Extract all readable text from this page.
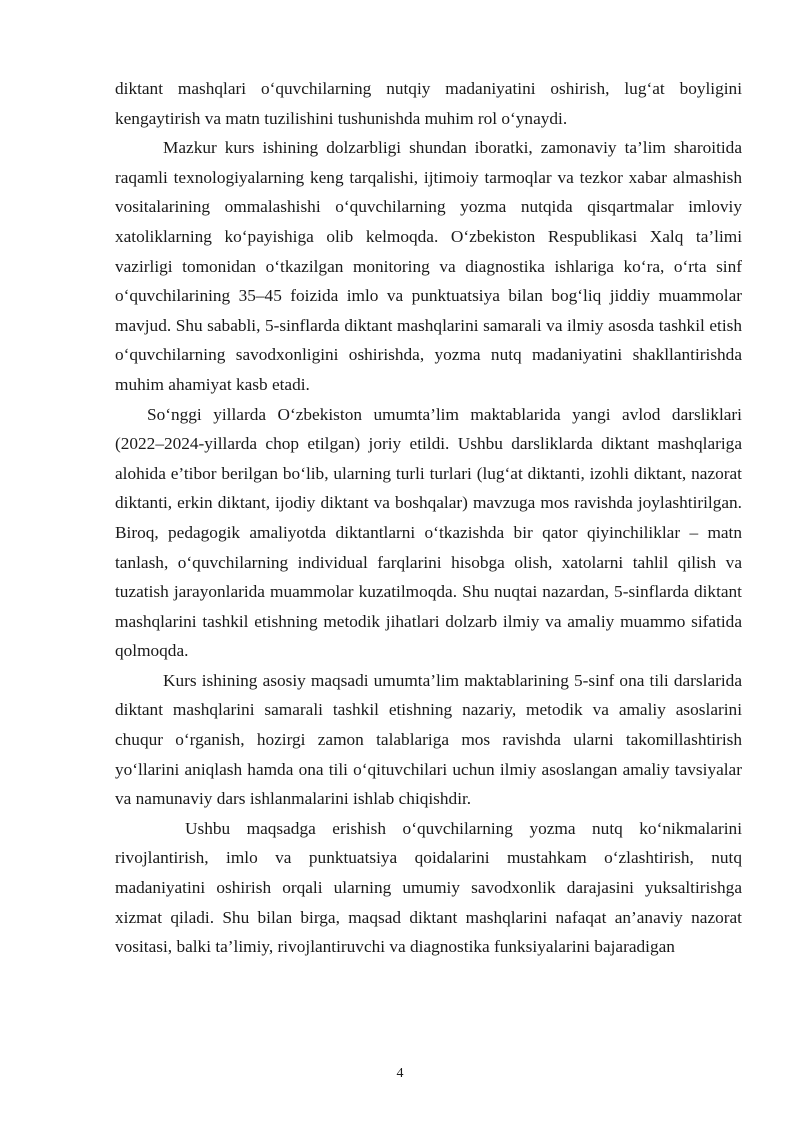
diktant mashqlari o‘quvchilarning nutqiy madaniyatini oshirish, lug‘at boyligini kengaytirish va matn tuzilishini tushunishda muhim rol o‘ynaydi.

Mazkur kurs ishining dolzarbligi shundan iboratki, zamonaviy ta’lim sharoitida raqamli texnologiyalarning keng tarqalishi, ijtimoiy tarmoqlar va tezkor xabar almashish vositalarining ommalashishi o‘quvchilarning yozma nutqida qisqartmalar imloviy xatoliklarning ko‘payishiga olib kelmoqda. O‘zbekiston Respublikasi Xalq ta’limi vazirligi tomonidan o‘tkazilgan monitoring va diagnostika ishlariga ko‘ra, o‘rta sinf o‘quvchilarining 35–45 foizida imlo va punktuatsiya bilan bog‘liq jiddiy muammolar mavjud. Shu sababli, 5-sinflarda diktant mashqlarini samarali va ilmiy asosda tashkil etish o‘quvchilarning savodxonligini oshirishda, yozma nutq madaniyatini shakllantirishda muhim ahamiyat kasb etadi.

So‘nggi yillarda O‘zbekiston umumta’lim maktablarida yangi avlod darsliklari (2022–2024-yillarda chop etilgan) joriy etildi. Ushbu darsliklarda diktant mashqlariga alohida e’tibor berilgan bo‘lib, ularning turli turlari (lug‘at diktanti, izohli diktant, nazorat diktanti, erkin diktant, ijodiy diktant va boshqalar) mavzuga mos ravishda joylashtirilgan. Biroq, pedagogik amaliyotda diktantlarni o‘tkazishda bir qator qiyinchiliklar – matn tanlash, o‘quvchilarning individual farqlarini hisobga olish, xatolarni tahlil qilish va tuzatish jarayonlarida muammolar kuzatilmoqda. Shu nuqtai nazardan, 5-sinflarda diktant mashqlarini tashkil etishning metodik jihatlari dolzarb ilmiy va amaliy muammo sifatida qolmoqda.

Kurs ishining asosiy maqsadi umumta’lim maktablarining 5-sinf ona tili darslarida diktant mashqlarini samarali tashkil etishning nazariy, metodik va amaliy asoslarini chuqur o‘rganish, hozirgi zamon talablariga mos ravishda ularni takomillashtirish yo‘llarini aniqlash hamda ona tili o‘qituvchilari uchun ilmiy asoslangan amaliy tavsiyalar va namunaviy dars ishlanmalarini ishlab chiqishdir.

Ushbu maqsadga erishish o‘quvchilarning yozma nutq ko‘nikmalarini rivojlantirish, imlo va punktuatsiya qoidalarini mustahkam o‘zlashtirish, nutq madaniyatini oshirish orqali ularning umumiy savodxonlik darajasini yuksaltirishga xizmat qiladi. Shu bilan birga, maqsad diktant mashqlarini nafaqat an’anaviy nazorat vositasi, balki ta’limiy, rivojlantiruvchi va diagnostika funksiyalarini bajaradigan

4
